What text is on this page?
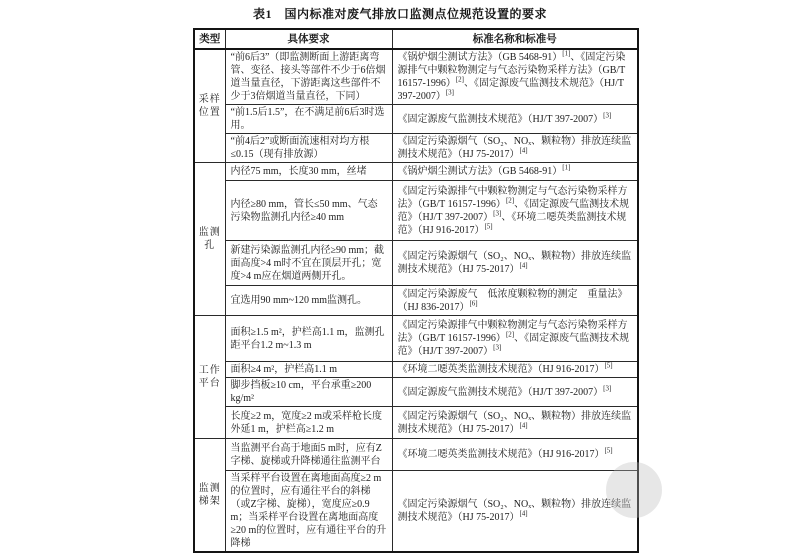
表1　国内标准对废气排放口监测点位规范设置的要求
类型	具体要求	标准名称和标准号
采样位置	“前6后3”（即监测断面上游距离弯管、变径、接头等部件不少于6倍烟道当量直径，下游距离这些部件不少于3倍烟道当量直径，下同）	《锅炉烟尘测试方法》（GB 5468-91）[1]、《固定污染源排气中颗粒物测定与气态污染物采样方法》（GB/T 16157-1996）[2]、《固定源废气监测技术规范》（HJ/T 397-2007）[3]
	“前1.5后1.5”，在不满足前6后3时选用。	《固定源废气监测技术规范》（HJ/T 397-2007）[3]
	“前4后2”或断面流速相对均方根≤0.15（现有排放源）	《固定污染源烟气（SO₂、NOₓ、颗粒物）排放连续监测技术规范》（HJ 75-2017）[4]
监测孔	内径75 mm，长度30 mm，丝堵	《锅炉烟尘测试方法》（GB 5468-91）[1]
	内径≥80 mm，管长≤50 mm、气态污染物监测孔内径≥40 mm	《固定污染源排气中颗粒物测定与气态污染物采样方法》（GB/T 16157-1996）[2]、《固定源废气监测技术规范》（HJ/T 397-2007）[3]、《环境二噁英类监测技术规范》（HJ 916-2017）[5]
	新建污染源监测孔内径≥90 mm；截面高度>4 m时不宜在顶层开孔；宽度>4 m应在烟道两侧开孔。	《固定污染源烟气（SO₂、NOₓ、颗粒物）排放连续监测技术规范》（HJ 75-2017）[4]
	宜选用90 mm~120 mm监测孔。	《固定污染源废气　低浓度颗粒物的测定　重量法》（HJ 836-2017）[6]
工作平台	面积≥1.5 m²，护栏高1.1 m，监测孔距平台1.2 m~1.3 m	《固定污染源排气中颗粒物测定与气态污染物采样方法》（GB/T 16157-1996）[2]、《固定源废气监测技术规范》（HJ/T 397-2007）[3]
	面积≥4 m²，护栏高1.1 m	《环境二噁英类监测技术规范》（HJ 916-2017）[5]
	脚步挡板≥10 cm，平台承重≥200 kg/m²	《固定源废气监测技术规范》（HJ/T 397-2007）[3]
	长度≥2 m，宽度≥2 m或采样枪长度外延1 m，护栏高≥1.2 m	《固定污染源烟气（SO₂、NOₓ、颗粒物）排放连续监测技术规范》（HJ 75-2017）[4]
监测梯架	当监测平台高于地面5 m时，应有Z字梯、旋梯或升降梯通往监测平台	《环境二噁英类监测技术规范》（HJ 916-2017）[5]
	当采样平台设置在离地面高度≥2 m的位置时，应有通往平台的斜梯（或Z字梯、旋梯），宽度应≥0.9 m；当采样平台设置在离地面高度≥20 m的位置时，应有通往平台的升降梯	《固定污染源烟气（SO₂、NOₓ、颗粒物）排放连续监测技术规范》（HJ 75-2017）[4]
